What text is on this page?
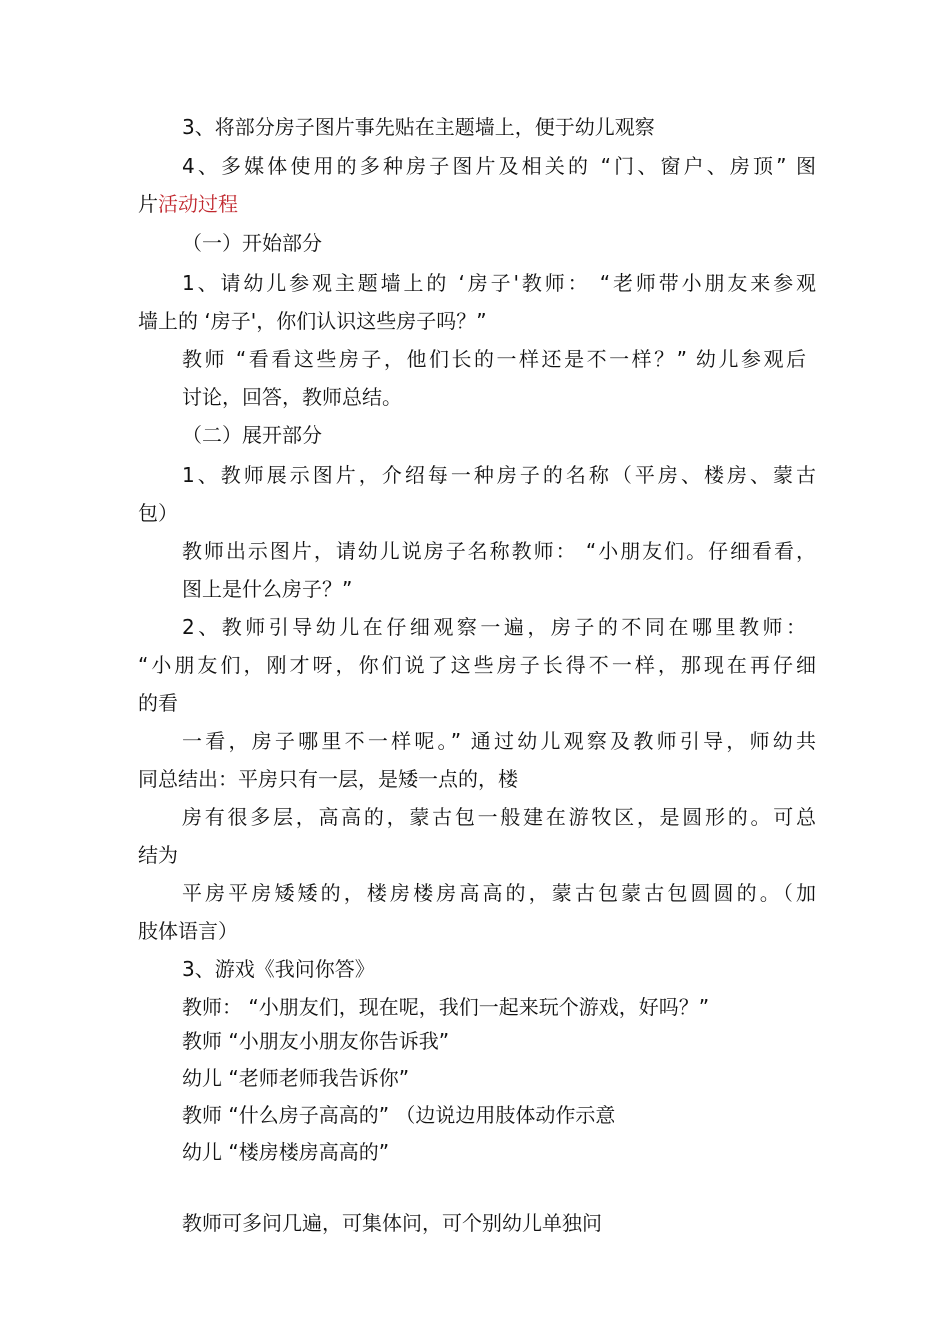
3、将部分房子图片事先贴在主题墙上，便于幼儿观察

4、多媒体使用的多种房子图片及相关的 “门、窗户、房顶” 图

片活动过程

（一）开始部分

1、请幼儿参观主题墙上的 ‘房子'教师： “老师带小朋友来参观

墙上的 ‘房子'，你们认识这些房子吗？”

教师 “看看这些房子，他们长的一样还是不一样？” 幼儿参观后

讨论，回答，教师总结。

（二）展开部分

1、教师展示图片，介绍每一种房子的名称（平房、楼房、蒙古

包）

教师出示图片，请幼儿说房子名称教师： “小朋友们。仔细看看，

图上是什么房子？”

2、教师引导幼儿在仔细观察一遍，房子的不同在哪里教师：

“小朋友们，刚才呀，你们说了这些房子长得不一样，那现在再仔细

的看

一看，房子哪里不一样呢。” 通过幼儿观察及教师引导，师幼共

同总结出：平房只有一层，是矮一点的，楼

房有很多层，高高的，蒙古包一般建在游牧区，是圆形的。可总

结为

平房平房矮矮的，楼房楼房高高的，蒙古包蒙古包圆圆的。（加

肢体语言）

3、游戏《我问你答》

教师： “小朋友们，现在呢，我们一起来玩个游戏，好吗？”

教师 “小朋友小朋友你告诉我”

幼儿 “老师老师我告诉你”

教师 “什么房子高高的” （边说边用肢体动作示意

幼儿 “楼房楼房高高的”

教师可多问几遍，可集体问，可个别幼儿单独问
